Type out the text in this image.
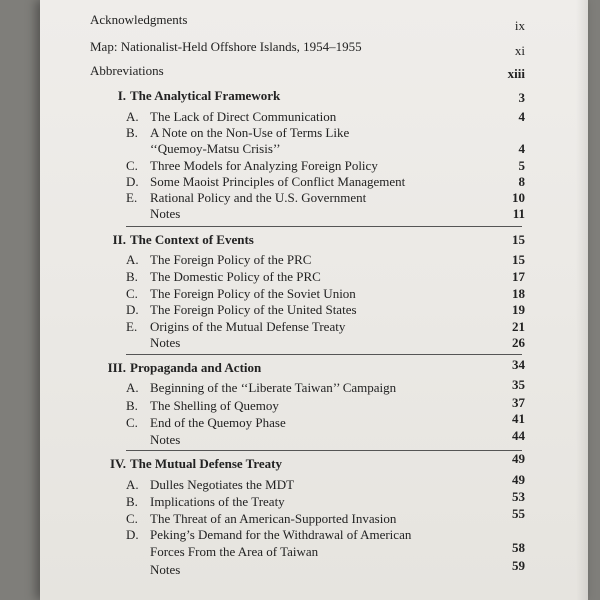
Acknowledgments	ix
Map: Nationalist-Held Offshore Islands, 1954–1955	xi
Abbreviations	xiii
I. The Analytical Framework	3
A. The Lack of Direct Communication	4
B. A Note on the Non-Use of Terms Like
‘‘Quemoy-Matsu Crisis’’	4
C. Three Models for Analyzing Foreign Policy	5
D. Some Maoist Principles of Conflict Management	8
E. Rational Policy and the U.S. Government	10
Notes	11
II. The Context of Events	15
A. The Foreign Policy of the PRC	15
B. The Domestic Policy of the PRC	17
C. The Foreign Policy of the Soviet Union	18
D. The Foreign Policy of the United States	19
E. Origins of the Mutual Defense Treaty	21
Notes	26
III. Propaganda and Action	34
A. Beginning of the ‘‘Liberate Taiwan’’ Campaign	35
B. The Shelling of Quemoy	37
C. End of the Quemoy Phase	41
Notes	44
IV. The Mutual Defense Treaty	49
A. Dulles Negotiates the MDT	49
B. Implications of the Treaty	53
C. The Threat of an American-Supported Invasion	55
D. Peking’s Demand for the Withdrawal of American
Forces From the Area of Taiwan	58
Notes	59
